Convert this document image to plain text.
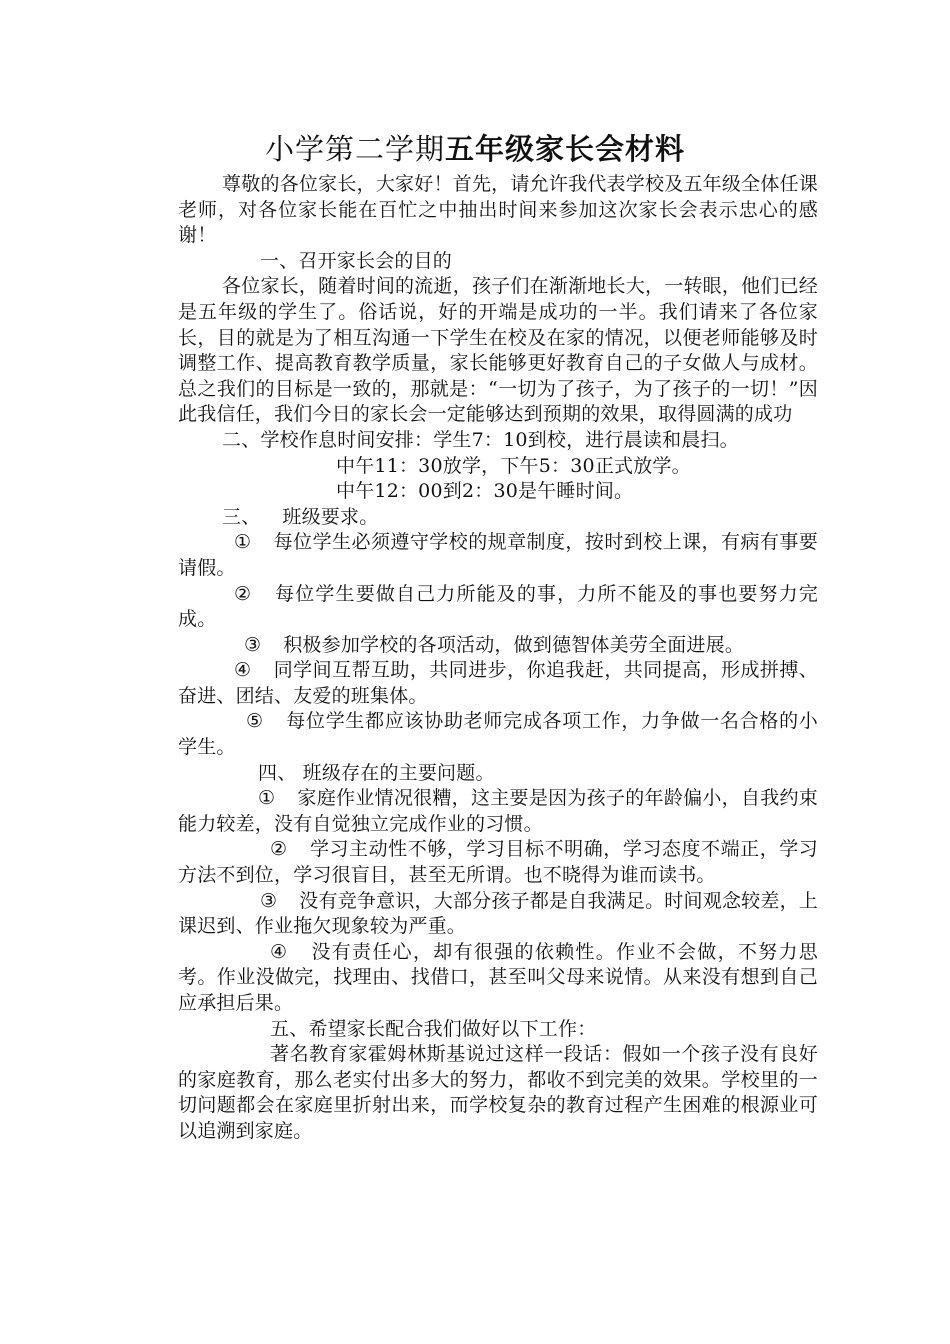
小学第二学期五年级家长会材料

尊敬的各位家长，大家好！首先，请允许我代表学校及五年级全体任课老师，对各位家长能在百忙之中抽出时间来参加这次家长会表示忠心的感谢！

一、召开家长会的目的

各位家长，随着时间的流逝，孩子们在渐渐地长大，一转眼，他们已经是五年级的学生了。俗话说，好的开端是成功的一半。我们请来了各位家长，目的就是为了相互沟通一下学生在校及在家的情况，以便老师能够及时调整工作、提高教育教学质量，家长能够更好教育自己的子女做人与成材。总之我们的目标是一致的，那就是：“一切为了孩子，为了孩子的一切！”因此我信任，我们今日的家长会一定能够达到预期的效果，取得圆满的成功

二、学校作息时间安排：学生7：10到校，进行晨读和晨扫。

中午11：30放学，下午5：30正式放学。

中午12：00到2：30是午睡时间。

三、 班级要求。

① 每位学生必须遵守学校的规章制度，按时到校上课，有病有事要请假。

② 每位学生要做自己力所能及的事，力所不能及的事也要努力完成。

③ 积极参加学校的各项活动，做到德智体美劳全面进展。

④ 同学间互帮互助，共同进步，你追我赶，共同提高，形成拼搏、奋进、团结、友爱的班集体。

⑤ 每位学生都应该协助老师完成各项工作，力争做一名合格的小学生。

四、 班级存在的主要问题。

① 家庭作业情况很糟，这主要是因为孩子的年龄偏小，自我约束能力较差，没有自觉独立完成作业的习惯。

② 学习主动性不够，学习目标不明确，学习态度不端正，学习方法不到位，学习很盲目，甚至无所谓。也不晓得为谁而读书。

③ 没有竞争意识，大部分孩子都是自我满足。时间观念较差，上课迟到、作业拖欠现象较为严重。

④ 没有责任心，却有很强的依赖性。作业不会做，不努力思考。作业没做完，找理由、找借口，甚至叫父母来说情。从来没有想到自己应承担后果。

五、希望家长配合我们做好以下工作：

著名教育家霍姆林斯基说过这样一段话：假如一个孩子没有良好的家庭教育，那么老实付出多大的努力，都收不到完美的效果。学校里的一切问题都会在家庭里折射出来，而学校复杂的教育过程产生困难的根源业可以追溯到家庭。
